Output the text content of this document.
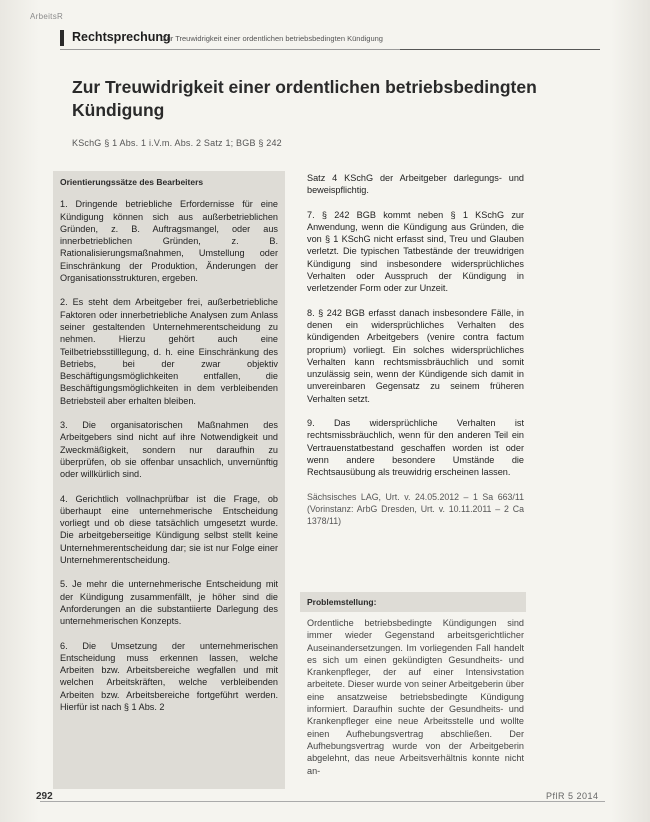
ArbeitsR
Rechtsprechung
Zur Treuwidrigkeit einer ordentlichen betriebsbedingten Kündigung
Zur Treuwidrigkeit einer ordentlichen betriebsbedingten Kündigung
KSchG § 1 Abs. 1 i.V.m. Abs. 2 Satz 1; BGB § 242
Orientierungssätze des Bearbeiters

1. Dringende betriebliche Erfordernisse für eine Kündigung können sich aus außerbetrieblichen Gründen, z. B. Auftragsmangel, oder aus innerbetrieblichen Gründen, z. B. Rationalisierungsmaßnahmen, Umstellung oder Einschränkung der Produktion, Änderungen der Organisationsstrukturen, ergeben.

2. Es steht dem Arbeitgeber frei, außerbetriebliche Faktoren oder innerbetriebliche Analysen zum Anlass seiner gestaltenden Unternehmerentscheidung zu nehmen. Hierzu gehört auch eine Teilbetriebsstilllegung, d. h. eine Einschränkung des Betriebs, bei der zwar objektiv Beschäftigungsmöglichkeiten entfallen, die Beschäftigungsmöglichkeiten in dem verbleibenden Betriebsteil aber erhalten bleiben.

3. Die organisatorischen Maßnahmen des Arbeitgebers sind nicht auf ihre Notwendigkeit und Zweckmäßigkeit, sondern nur daraufhin zu überprüfen, ob sie offenbar unsachlich, unvernünftig oder willkürlich sind.

4. Gerichtlich vollnachprüfbar ist die Frage, ob überhaupt eine unternehmerische Entscheidung vorliegt und ob diese tatsächlich umgesetzt wurde. Die arbeitgeberseitige Kündigung selbst stellt keine Unternehmerentscheidung dar; sie ist nur Folge einer Unternehmerentscheidung.

5. Je mehr die unternehmerische Entscheidung mit der Kündigung zusammenfällt, je höher sind die Anforderungen an die substantiierte Darlegung des unternehmerischen Konzepts.

6. Die Umsetzung der unternehmerischen Entscheidung muss erkennen lassen, welche Arbeiten bzw. Arbeitsbereiche wegfallen und mit welchen Arbeitskräften, welche verbleibenden Arbeiten bzw. Arbeitsbereiche fortgeführt werden. Hierfür ist nach § 1 Abs. 2

Satz 4 KSchG der Arbeitgeber darlegungs- und beweispflichtig.

7. § 242 BGB kommt neben § 1 KSchG zur Anwendung, wenn die Kündigung aus Gründen, die von § 1 KSchG nicht erfasst sind, Treu und Glauben verletzt. Die typischen Tatbestände der treuwidrigen Kündigung sind insbesondere widersprüchliches Verhalten oder Ausspruch der Kündigung in verletzender Form oder zur Unzeit.

8. § 242 BGB erfasst danach insbesondere Fälle, in denen ein widersprüchliches Verhalten des kündigenden Arbeitgebers (venire contra factum proprium) vorliegt. Ein solches widersprüchliches Verhalten kann rechtsmissbräuchlich und somit unzulässig sein, wenn der Kündigende sich damit in unvereinbaren Gegensatz zu seinem früheren Verhalten setzt.

9. Das widersprüchliche Verhalten ist rechtsmissbräuchlich, wenn für den anderen Teil ein Vertrauenstatbestand geschaffen worden ist oder wenn andere besondere Umstände die Rechtsausübung als treuwidrig erscheinen lassen.

Sächsisches LAG, Urt. v. 24.05.2012 – 1 Sa 663/11 (Vorinstanz: ArbG Dresden, Urt. v. 10.11.2011 – 2 Ca 1378/11)

Problemstellung:

Ordentliche betriebsbedingte Kündigungen sind immer wieder Gegenstand arbeitsgerichtlicher Auseinandersetzungen. Im vorliegenden Fall handelt es sich um einen gekündigten Gesundheits- und Krankenpfleger, der auf einer Intensivstation arbeitete. Dieser wurde von seiner Arbeitgeberin über eine ansatzweise betriebsbedingte Kündigung informiert. Daraufhin suchte der Gesundheits- und Krankenpfleger eine neue Arbeitsstelle und wollte einen Aufhebungsvertrag abschließen. Der Aufhebungsvertrag wurde von der Arbeitgeberin abgelehnt, das neue Arbeitsverhältnis konnte nicht an-

292	PflR 5 2014
